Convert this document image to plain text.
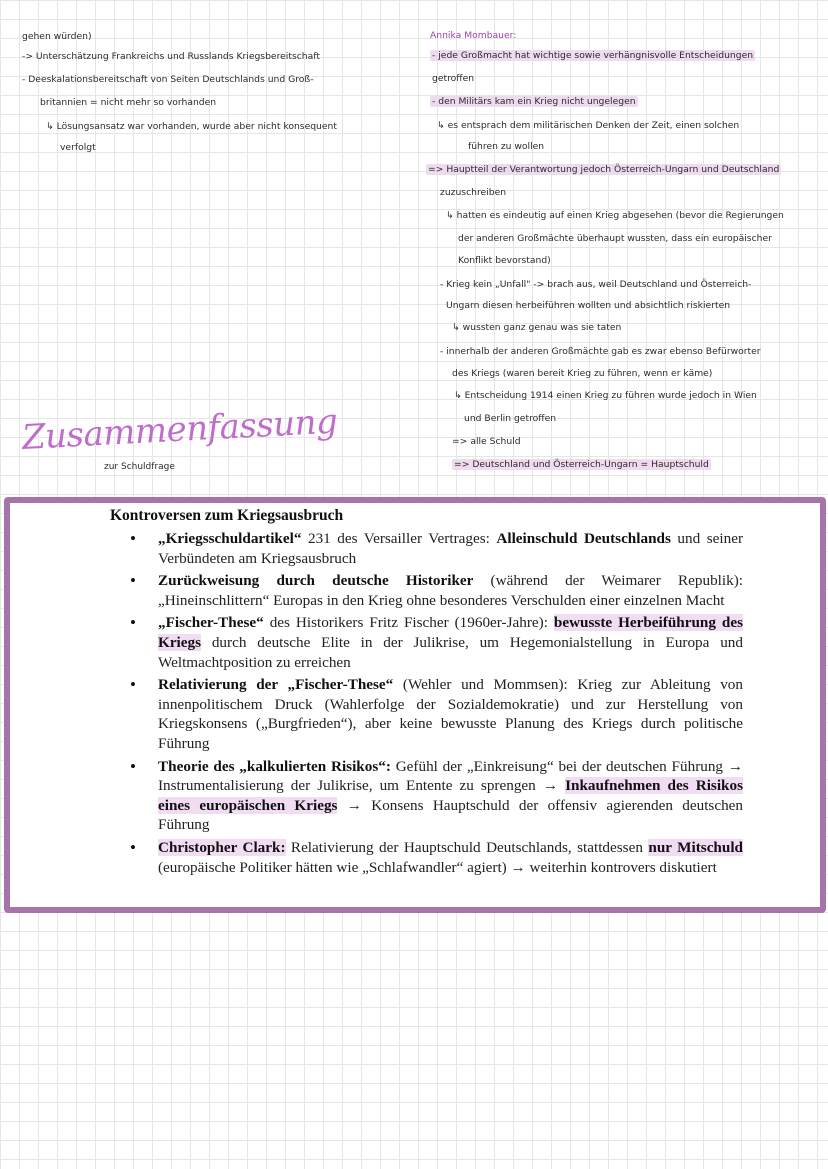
gehen würden)
-> Unterschätzung Frankreichs und Russlands Kriegsbereitschaft
- Deeskalationsbereitschaft von Seiten Deutschlands und Groß-
britannien = nicht mehr so vorhanden
↳ Lösungsansatz war vorhanden, wurde aber nicht konsequent
verfolgt
Annika Mombauer:
- jede Großmacht hat wichtige sowie verhängnisvolle Entscheidungen
getroffen
- den Militärs kam ein Krieg nicht ungelegen
↳ es entsprach dem militärischen Denken der Zeit, einen solchen
führen zu wollen
=> Hauptteil der Verantwortung jedoch Österreich-Ungarn und Deutschland
zuzuschreiben
↳ hatten es eindeutig auf einen Krieg abgesehen (bevor die Regierungen
der anderen Großmächte überhaupt wussten, dass ein europäischer
Konflikt bevorstand)
- Krieg kein „Unfall" -> brach aus, weil Deutschland und Österreich-
Ungarn diesen herbeiführen wollten und absichtlich riskierten
↳ wussten ganz genau was sie taten
- innerhalb der anderen Großmächte gab es zwar ebenso Befürworter
des Kriegs (waren bereit Krieg zu führen, wenn er käme)
↳ Entscheidung 1914 einen Krieg zu führen wurde jedoch in Wien
und Berlin getroffen
=> alle Schuld
=> Deutschland und Österreich-Ungarn = Hauptschuld
Zusammenfassung
zur Schuldfrage
Kontroversen zum Kriegsausbruch
• „Kriegsschuldartikel“ 231 des Versailler Vertrages: Alleinschuld Deutschlands und seiner Verbündeten am Kriegsausbruch
• Zurückweisung durch deutsche Historiker (während der Weimarer Republik): „Hineinschlittern“ Europas in den Krieg ohne besonderes Verschulden einer einzelnen Macht
• „Fischer-These“ des Historikers Fritz Fischer (1960er-Jahre): bewusste Herbeiführung des Kriegs durch deutsche Elite in der Julikrise, um Hegemonialstellung in Europa und Weltmachtposition zu erreichen
• Relativierung der „Fischer-These“ (Wehler und Mommsen): Krieg zur Ableitung von innenpolitischem Druck (Wahlerfolge der Sozialdemokratie) und zur Herstellung von Kriegskonsens („Burgfrieden“), aber keine bewusste Planung des Kriegs durch politische Führung
• Theorie des „kalkulierten Risikos“: Gefühl der „Einkreisung“ bei der deutschen Führung → Instrumentalisierung der Julikrise, um Entente zu sprengen → Inkaufnehmen des Risikos eines europäischen Kriegs → Konsens Hauptschuld der offensiv agierenden deutschen Führung
• Christopher Clark: Relativierung der Hauptschuld Deutschlands, stattdessen nur Mitschuld (europäische Politiker hätten wie „Schlafwandler“ agiert) → weiterhin kontrovers diskutiert
